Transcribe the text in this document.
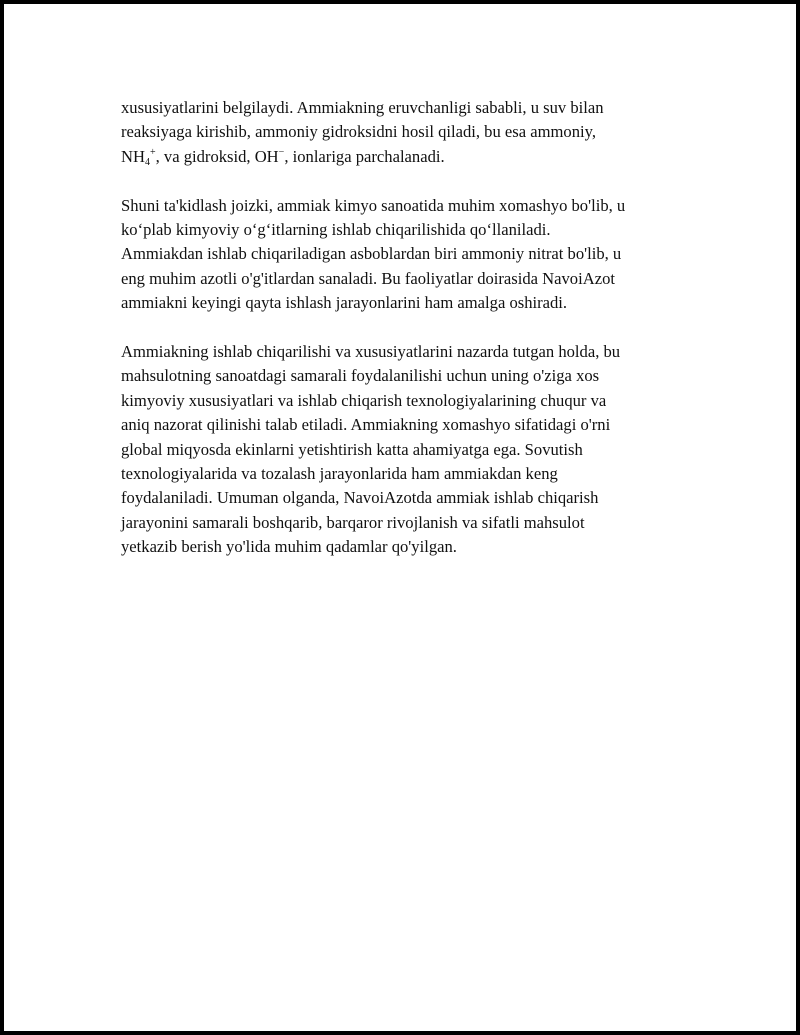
xususiyatlarini belgilaydi. Ammiakning eruvchanligi sababli, u suv bilan
reaksiyaga kirishib, ammoniy gidroksidni hosil qiladi, bu esa ammoniy,
$NH_4^+$, va gidroksid, OH−, ionlariga parchalanadi.
Shuni ta'kidlash joizki, ammiak kimyo sanoatida muhim xomashyo bo'lib, u
ko‘plab kimyoviy o‘g‘itlarning ishlab chiqarilishida qo‘llaniladi.
Ammiakdan ishlab chiqariladigan asboblardan biri ammoniy nitrat bo'lib, u
eng muhim azotli o'g'itlardan sanaladi. Bu faoliyatlar doirasida NavoiAzot
ammiakni keyingi qayta ishlash jarayonlarini ham amalga oshiradi.
Ammiakning ishlab chiqarilishi va xususiyatlarini nazarda tutgan holda, bu
mahsulotning sanoatdagi samarali foydalanilishi uchun uning o'ziga xos
kimyoviy xususiyatlari va ishlab chiqarish texnologiyalarining chuqur va
aniq nazorat qilinishi talab etiladi. Ammiakning xomashyo sifatidagi o'rni
global miqyosda ekinlarni yetishtirish katta ahamiyatga ega. Sovutish
texnologiyalarida va tozalash jarayonlarida ham ammiakdan keng
foydalaniladi. Umuman olganda, NavoiAzotda ammiak ishlab chiqarish
jarayonini samarali boshqarib, barqaror rivojlanish va sifatli mahsulot
yetkazib berish yo'lida muhim qadamlar qo'yilgan.
